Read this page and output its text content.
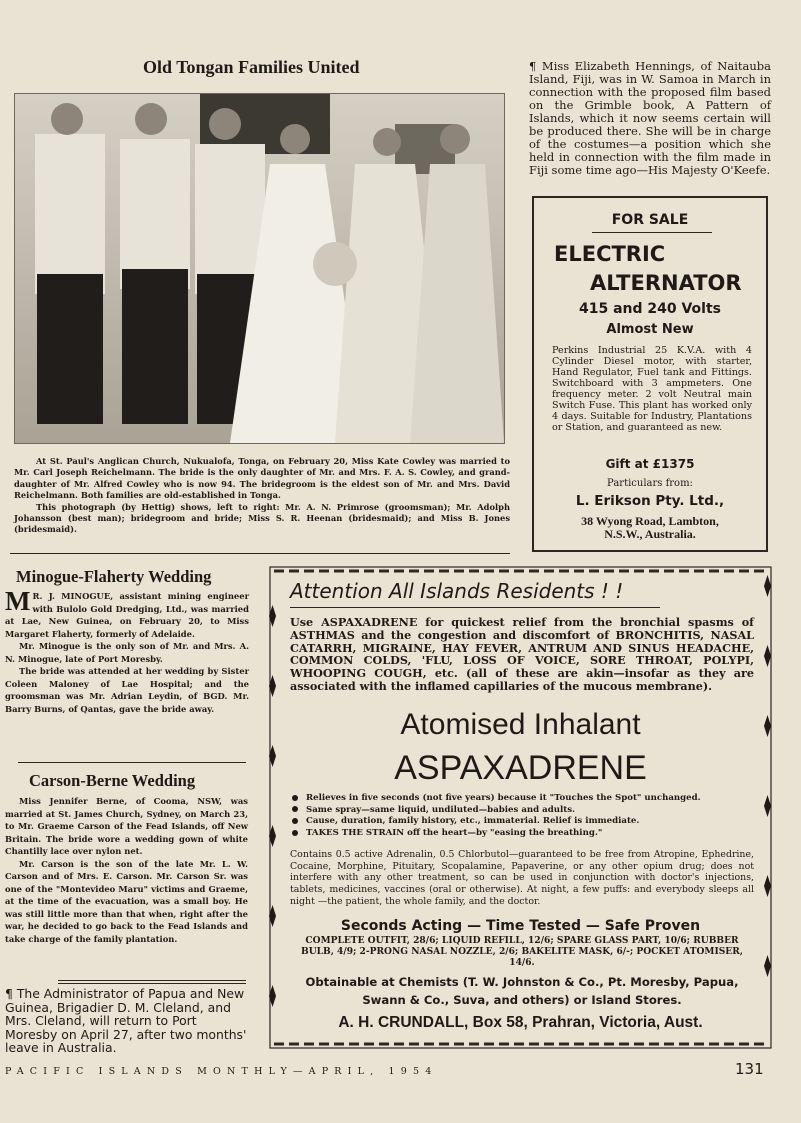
Old Tongan Families United

At St. Paul's Anglican Church, Nukualofa, Tonga, on February 20, Miss Kate Cowley was married to Mr. Carl Joseph Reichelmann. The bride is the only daughter of Mr. and Mrs. F. A. S. Cowley, and grand-daughter of Mr. Alfred Cowley who is now 94. The bridegroom is the eldest son of Mr. and Mrs. David Reichelmann. Both families are old-established in Tonga.

This photograph (by Hettig) shows, left to right: Mr. A. N. Primrose (groomsman); Mr. Adolph Johansson (best man); bridegroom and bride; Miss S. R. Heenan (bridesmaid); and Miss B. Jones (bridesmaid).

¶ Miss Elizabeth Hennings, of Naitauba Island, Fiji, was in W. Samoa in March in connection with the proposed film based on the Grimble book, A Pattern of Islands, which it now seems certain will be produced there. She will be in charge of the costumes—a position which she held in connection with the film made in Fiji some time ago—His Majesty O'Keefe.
FOR SALE
ELECTRIC
ALTERNATOR
415 and 240 Volts
Almost New
Perkins Industrial 25 K.V.A. with 4 Cylinder Diesel motor, with starter, Hand Regulator, Fuel tank and Fittings. Switchboard with 3 ampmeters. One frequency meter. 2 volt Neutral main Switch Fuse. This plant has worked only 4 days. Suitable for Industry, Plantations or Station, and guaranteed as new.
Gift at £1375
Particulars from:
L. Erikson Pty. Ltd.,
38 Wyong Road, Lambton,
N.S.W., Australia.
Minogue-Flaherty Wedding

M R. J. MINOGUE, assistant mining engineer with Bulolo Gold Dredging, Ltd., was married at Lae, New Guinea, on February 20, to Miss Margaret Flaherty, formerly of Adelaide.

Mr. Minogue is the only son of Mr. and Mrs. A. N. Minogue, late of Port Moresby.

The bride was attended at her wedding by Sister Coleen Maloney of Lae Hospital; and the groomsman was Mr. Adrian Leydin, of BGD. Mr. Barry Burns, of Qantas, gave the bride away.

Carson-Berne Wedding

Miss Jennifer Berne, of Cooma, NSW, was married at St. James Church, Sydney, on March 23, to Mr. Graeme Carson of the Fead Islands, off New Britain. The bride wore a wedding gown of white Chantilly lace over nylon net.

Mr. Carson is the son of the late Mr. L. W. Carson and of Mrs. E. Carson. Mr. Carson Sr. was one of the "Montevideo Maru" victims and Graeme, at the time of the evacuation, was a small boy. He was still little more than that when, right after the war, he decided to go back to the Fead Islands and take charge of the family plantation.

¶ The Administrator of Papua and New Guinea, Brigadier D. M. Cleland, and Mrs. Cleland, will return to Port Moresby on April 27, after two months' leave in Australia.
Attention All Islands Residents ! !
Use ASPAXADRENE for quickest relief from the bronchial spasms of ASTHMAS and the congestion and discomfort of BRONCHITIS, NASAL CATARRH, MIGRAINE, HAY FEVER, ANTRUM AND SINUS HEADACHE, COMMON COLDS, 'FLU, LOSS OF VOICE, SORE THROAT, POLYPI, WHOOPING COUGH, etc. (all of these are akin—insofar as they are associated with the inflamed capillaries of the mucous membrane).
Atomised Inhalant
ASPAXADRENE
Relieves in five seconds (not five years) because it "Touches the Spot" unchanged.
Same spray—same liquid, undiluted—babies and adults.
Cause, duration, family history, etc., immaterial. Relief is immediate.
TAKES THE STRAIN off the heart—by "easing the breathing."
Contains 0.5 active Adrenalin, 0.5 Chlorbutol—guaranteed to be free from Atropine, Ephedrine, Cocaine, Morphine, Pituitary, Scopalamine, Papaverine, or any other opium drug; does not interfere with any other treatment, so can be used in conjunction with doctor's injections, tablets, medicines, vaccines (oral or otherwise). At night, a few puffs: and everybody sleeps all night —the patient, the whole family, and the doctor.
Seconds Acting — Time Tested — Safe Proven
COMPLETE OUTFIT, 28/6; LIQUID REFILL, 12/6; SPARE GLASS PART, 10/6; RUBBER BULB, 4/9; 2-PRONG NASAL NOZZLE, 2/6; BAKELITE MASK, 6/-; POCKET ATOMISER, 14/6.
Obtainable at Chemists (T. W. Johnston & Co., Pt. Moresby, Papua, Swann & Co., Suva, and others) or Island Stores.
A. H. CRUNDALL, Box 58, Prahran, Victoria, Aust.
PACIFIC ISLANDS MONTHLY—APRIL, 1954	131
